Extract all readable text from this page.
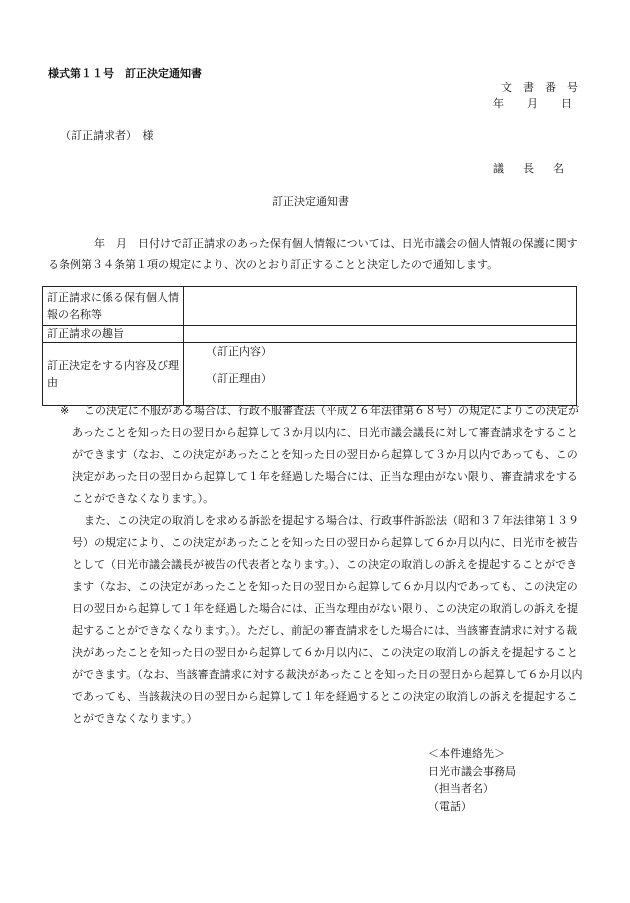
様式第１１号　訂正決定通知書
文　書　番　号
年　月　日
（訂正請求者）　様
議　長　名
訂正決定通知書
年　月　日付けで訂正請求のあった保有個人情報については、日光市議会の個人情報の保護に関する条例第３４条第１項の規定により、次のとおり訂正することと決定したので通知します。
訂正請求に係る保有個人情報の名称等	
訂正請求の趣旨	
訂正決定をする内容及び理由	（訂正内容）
（訂正理由）
※	この決定に不服がある場合は、行政不服審査法（平成２６年法律第６８号）の規定によりこの決定があったことを知った日の翌日から起算して３か月以内に、日光市議会議長に対して審査請求をすることができます（なお、この決定があったことを知った日の翌日から起算して３か月以内であっても、この決定があった日の翌日から起算して１年を経過した場合には、正当な理由がない限り、審査請求をすることができなくなります。）。
また、この決定の取消しを求める訴訟を提起する場合は、行政事件訴訟法（昭和３７年法律第１３９号）の規定により、この決定があったことを知った日の翌日から起算して６か月以内に、日光市を被告として（日光市議会議長が被告の代表者となります。）、この決定の取消しの訴えを提起することができます（なお、この決定があったことを知った日の翌日から起算して６か月以内であっても、この決定の日の翌日から起算して１年を経過した場合には、正当な理由がない限り、この決定の取消しの訴えを提起することができなくなります。）。ただし、前記の審査請求をした場合には、当該審査請求に対する裁決があったことを知った日の翌日から起算して６か月以内に、この決定の取消しの訴えを提起することができます。（なお、当該審査請求に対する裁決があったことを知った日の翌日から起算して６か月以内であっても、当該裁決の日の翌日から起算して１年を経過するとこの決定の取消しの訴えを提起することができなくなります。）
＜本件連絡先＞
日光市議会事務局
（担当者名）
（電話）
